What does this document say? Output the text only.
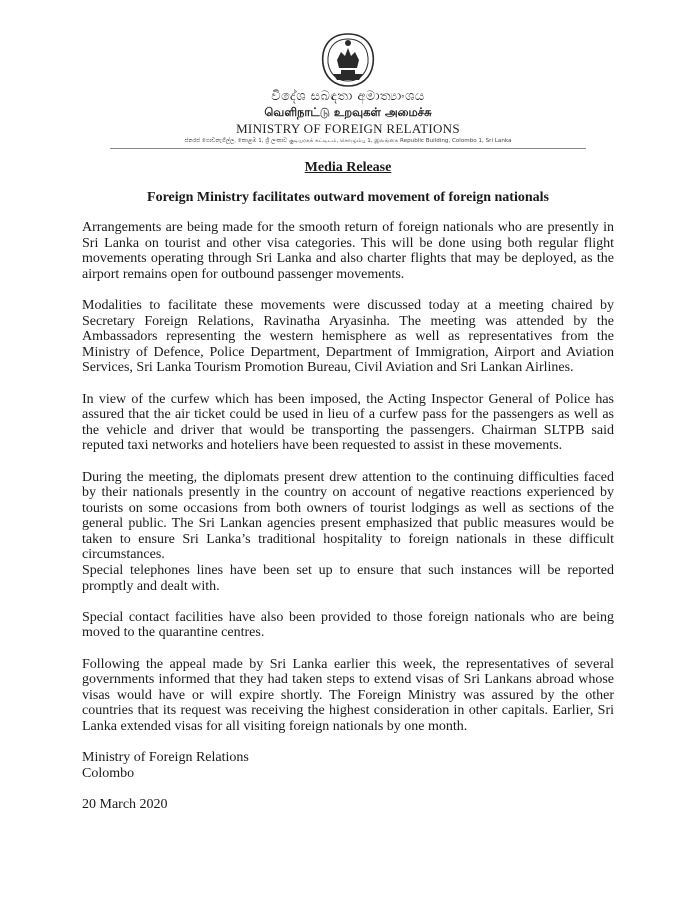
විදේශ සබඳතා අමාත්‍යාංශය
வெளிநாட்டு உறவுகள் அமைச்சு
MINISTRY OF FOREIGN RELATIONS
ජනරජ ගොඩනැගිල්ල, කොළඹ 1, ශ්‍රී ලංකාව குடியரசுக் கட்டிடம், கொழும்பு 1, இலங்கை Republic Building, Colombo 1, Sri Lanka
Media Release
Foreign Ministry facilitates outward movement of foreign nationals

Arrangements are being made for the smooth return of foreign nationals who are presently in Sri Lanka on tourist and other visa categories. This will be done using both regular flight movements operating through Sri Lanka and also charter flights that may be deployed, as the airport remains open for outbound passenger movements.

Modalities to facilitate these movements were discussed today at a meeting chaired by Secretary Foreign Relations, Ravinatha Aryasinha. The meeting was attended by the Ambassadors representing the western hemisphere as well as representatives from the Ministry of Defence, Police Department, Department of Immigration, Airport and Aviation Services, Sri Lanka Tourism Promotion Bureau, Civil Aviation and Sri Lankan Airlines.

In view of the curfew which has been imposed, the Acting Inspector General of Police has assured that the air ticket could be used in lieu of a curfew pass for the passengers as well as the vehicle and driver that would be transporting the passengers. Chairman SLTPB said reputed taxi networks and hoteliers have been requested to assist in these movements.

During the meeting, the diplomats present drew attention to the continuing difficulties faced by their nationals presently in the country on account of negative reactions experienced by tourists on some occasions from both owners of tourist lodgings as well as sections of the general public. The Sri Lankan agencies present emphasized that public measures would be taken to ensure Sri Lanka’s traditional hospitality to foreign nationals in these difficult circumstances.

Special telephones lines have been set up to ensure that such instances will be reported promptly and dealt with.

Special contact facilities have also been provided to those foreign nationals who are being moved to the quarantine centres.

Following the appeal made by Sri Lanka earlier this week, the representatives of several governments informed that they had taken steps to extend visas of Sri Lankans abroad whose visas would have or will expire shortly. The Foreign Ministry was assured by the other countries that its request was receiving the highest consideration in other capitals. Earlier, Sri Lanka extended visas for all visiting foreign nationals by one month.

Ministry of Foreign Relations
Colombo
20 March 2020
